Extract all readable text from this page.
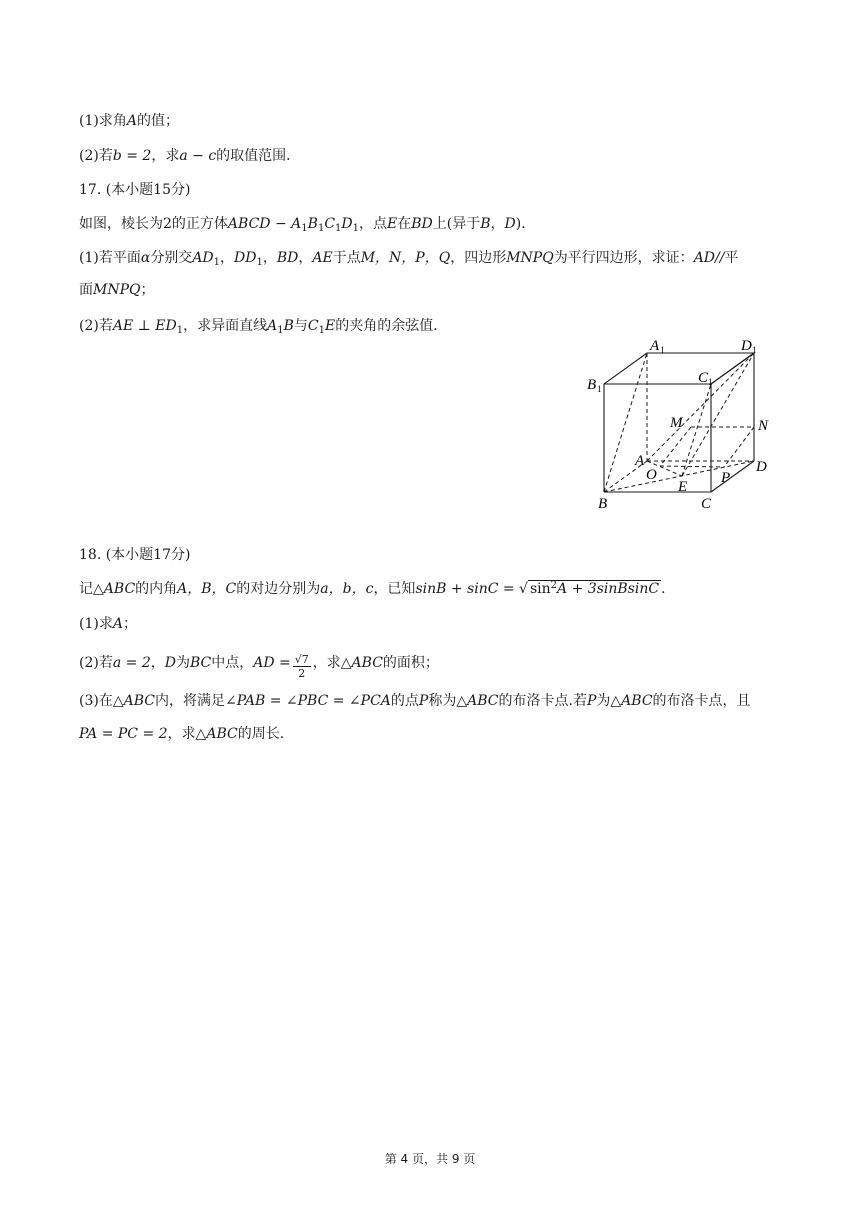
(1)求角A的值；
(2)若b = 2，求a − c的取值范围．
17. (本小题15分)
如图，棱长为2的正方体ABCD − $A_1B_1C_1D_1$，点E在BD上(异于B，D)．
(1)若平面α分别交$AD_1$，$DD_1$，BD，AE于点M，N，P，Q，四边形MNPQ为平行四边形，求证：AD//平
面MNPQ；
(2)若AE ⊥ $ED_1$，求异面直线$A_1B$与$C_1E$的夹角的余弦值．
A 1	D 1
B 1
C 1
M	N
A
O
E
P
D
B	C
18. (本小题17分)
记△ABC的内角A，B，C的对边分别为a，b，c，已知sinB + sinC = √ $\sin^2A$ + 3sinBsinC ．
(1)求A；
(2)若a = 2，D为BC中点，AD = $\frac{√7}{2}$ ，求△ABC的面积；
(3)在△ABC内，将满足∠PAB = ∠PBC = ∠PCA的点P称为△ABC的布洛卡点.若P为△ABC的布洛卡点，且
PA = PC = 2，求△ABC的周长．
第 4 页，共 9 页
